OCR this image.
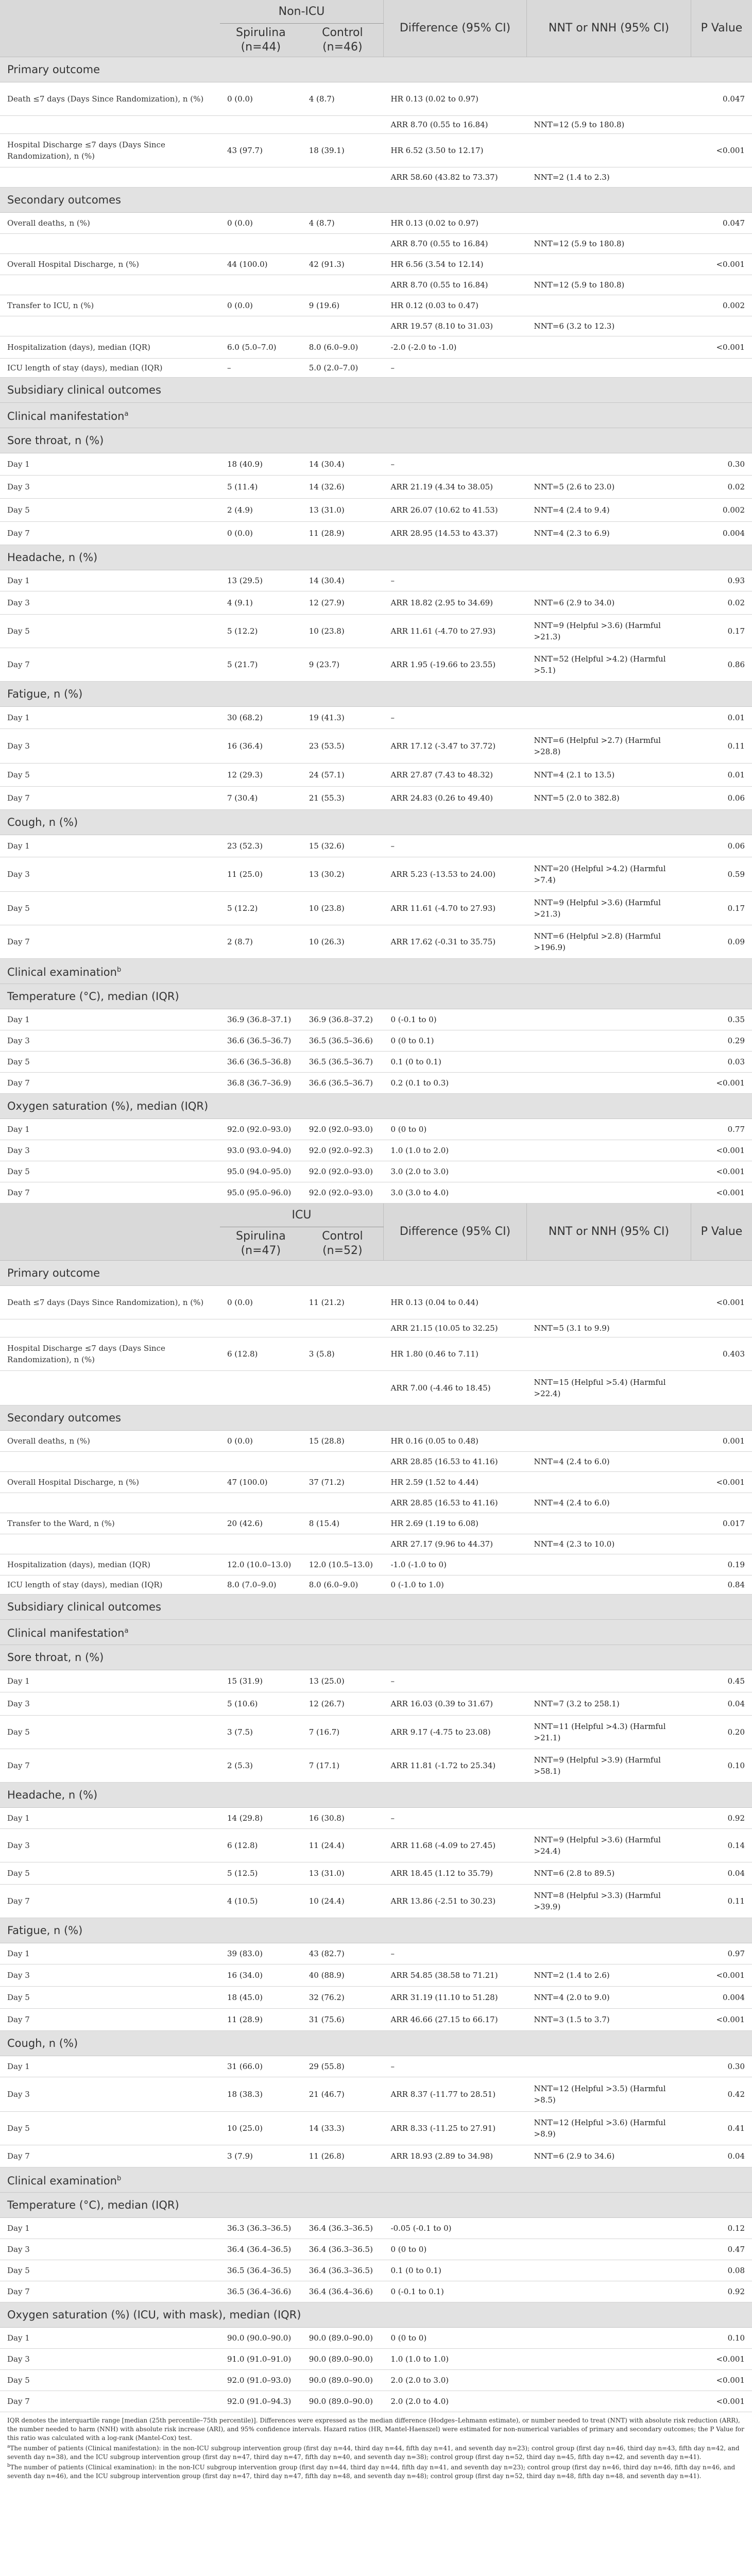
	Non-ICU		Difference (95% CI)	NNT or NNH (95% CI)	P Value
	Spirulina (n=44)	Control (n=46)			
Primary outcome					
Death ≤7 days (Days Since Randomization), n (%)	0 (0.0)	4 (8.7)	HR 0.13 (0.02 to 0.97)		0.047
			ARR 8.70 (0.55 to 16.84)	NNT=12 (5.9 to 180.8)	
Hospital Discharge ≤7 days (Days Since Randomization), n (%)	43 (97.7)	18 (39.1)	HR 6.52 (3.50 to 12.17)		<0.001
			ARR 58.60 (43.82 to 73.37)	NNT=2 (1.4 to 2.3)	
Secondary outcomes					
Overall deaths, n (%)	0 (0.0)	4 (8.7)	HR 0.13 (0.02 to 0.97)		0.047
			ARR 8.70 (0.55 to 16.84)	NNT=12 (5.9 to 180.8)	
Overall Hospital Discharge, n (%)	44 (100.0)	42 (91.3)	HR 6.56 (3.54 to 12.14)		<0.001
			ARR 8.70 (0.55 to 16.84)	NNT=12 (5.9 to 180.8)	
Transfer to ICU, n (%)	0 (0.0)	9 (19.6)	HR 0.12 (0.03 to 0.47)		0.002
			ARR 19.57 (8.10 to 31.03)	NNT=6 (3.2 to 12.3)	
Hospitalization (days), median (IQR)	6.0 (5.0–7.0)	8.0 (6.0–9.0)	-2.0 (-2.0 to -1.0)		<0.001
ICU length of stay (days), median (IQR)	–	5.0 (2.0–7.0)	–		
Subsidiary clinical outcomes					
Clinical manifestation$^a$
Sore throat, n (%)					
Day 1	18 (40.9)	14 (30.4)	–		0.30
Day 3	5 (11.4)	14 (32.6)	ARR 21.19 (4.34 to 38.05)	NNT=5 (2.6 to 23.0)	0.02
Day 5	2 (4.9)	13 (31.0)	ARR 26.07 (10.62 to 41.53)	NNT=4 (2.4 to 9.4)	0.002
Day 7	0 (0.0)	11 (28.9)	ARR 28.95 (14.53 to 43.37)	NNT=4 (2.3 to 6.9)	0.004
Headache, n (%)					
Day 1	13 (29.5)	14 (30.4)	–		0.93
Day 3	4 (9.1)	12 (27.9)	ARR 18.82 (2.95 to 34.69)	NNT=6 (2.9 to 34.0)	0.02
Day 5	5 (12.2)	10 (23.8)	ARR 11.61 (-4.70 to 27.93)	NNT=9 (Helpful >3.6) (Harmful >21.3)	0.17
Day 7	5 (21.7)	9 (23.7)	ARR 1.95 (-19.66 to 23.55)	NNT=52 (Helpful >4.2) (Harmful >5.1)	0.86
Fatigue, n (%)					
Day 1	30 (68.2)	19 (41.3)	–		0.01
Day 3	16 (36.4)	23 (53.5)	ARR 17.12 (-3.47 to 37.72)	NNT=6 (Helpful >2.7) (Harmful >28.8)	0.11
Day 5	12 (29.3)	24 (57.1)	ARR 27.87 (7.43 to 48.32)	NNT=4 (2.1 to 13.5)	0.01
Day 7	7 (30.4)	21 (55.3)	ARR 24.83 (0.26 to 49.40)	NNT=5 (2.0 to 382.8)	0.06
Cough, n (%)					
Day 1	23 (52.3)	15 (32.6)	–		0.06
Day 3	11 (25.0)	13 (30.2)	ARR 5.23 (-13.53 to 24.00)	NNT=20 (Helpful >4.2) (Harmful >7.4)	0.59
Day 5	5 (12.2)	10 (23.8)	ARR 11.61 (-4.70 to 27.93)	NNT=9 (Helpful >3.6) (Harmful >21.3)	0.17
Day 7	2 (8.7)	10 (26.3)	ARR 17.62 (-0.31 to 35.75)	NNT=6 (Helpful >2.8) (Harmful >196.9)	0.09
Clinical examination$^b$
Temperature (°C), median (IQR)					
Day 1	36.9 (36.8–37.1)	36.9 (36.8–37.2)	0 (-0.1 to 0)		0.35
Day 3	36.6 (36.5–36.7)	36.5 (36.5–36.6)	0 (0 to 0.1)		0.29
Day 5	36.6 (36.5–36.8)	36.5 (36.5–36.7)	0.1 (0 to 0.1)		0.03
Day 7	36.8 (36.7–36.9)	36.6 (36.5–36.7)	0.2 (0.1 to 0.3)		<0.001
Oxygen saturation (%), median (IQR)					
Day 1	92.0 (92.0–93.0)	92.0 (92.0–93.0)	0 (0 to 0)		0.77
Day 3	93.0 (93.0–94.0)	92.0 (92.0–92.3)	1.0 (1.0 to 2.0)		<0.001
Day 5	95.0 (94.0–95.0)	92.0 (92.0–93.0)	3.0 (2.0 to 3.0)		<0.001
Day 7	95.0 (95.0–96.0)	92.0 (92.0–93.0)	3.0 (3.0 to 4.0)		<0.001
	ICU		Difference (95% CI)	NNT or NNH (95% CI)	P Value
	Spirulina (n=47)	Control (n=52)			
Primary outcome					
Death ≤7 days (Days Since Randomization), n (%)	0 (0.0)	11 (21.2)	HR 0.13 (0.04 to 0.44)		<0.001
			ARR 21.15 (10.05 to 32.25)	NNT=5 (3.1 to 9.9)	
Hospital Discharge ≤7 days (Days Since Randomization), n (%)	6 (12.8)	3 (5.8)	HR 1.80 (0.46 to 7.11)		0.403
			ARR 7.00 (-4.46 to 18.45)	NNT=15 (Helpful >5.4) (Harmful >22.4)	
Secondary outcomes					
Overall deaths, n (%)	0 (0.0)	15 (28.8)	HR 0.16 (0.05 to 0.48)		0.001
			ARR 28.85 (16.53 to 41.16)	NNT=4 (2.4 to 6.0)	
Overall Hospital Discharge, n (%)	47 (100.0)	37 (71.2)	HR 2.59 (1.52 to 4.44)		<0.001
			ARR 28.85 (16.53 to 41.16)	NNT=4 (2.4 to 6.0)	
Transfer to the Ward, n (%)	20 (42.6)	8 (15.4)	HR 2.69 (1.19 to 6.08)		0.017
			ARR 27.17 (9.96 to 44.37)	NNT=4 (2.3 to 10.0)	
Hospitalization (days), median (IQR)	12.0 (10.0–13.0)	12.0 (10.5–13.0)	-1.0 (-1.0 to 0)		0.19
ICU length of stay (days), median (IQR)	8.0 (7.0–9.0)	8.0 (6.0–9.0)	0 (-1.0 to 1.0)		0.84
Subsidiary clinical outcomes					
Clinical manifestation$^a$
Sore throat, n (%)					
Day 1	15 (31.9)	13 (25.0)	–		0.45
Day 3	5 (10.6)	12 (26.7)	ARR 16.03 (0.39 to 31.67)	NNT=7 (3.2 to 258.1)	0.04
Day 5	3 (7.5)	7 (16.7)	ARR 9.17 (-4.75 to 23.08)	NNT=11 (Helpful >4.3) (Harmful >21.1)	0.20
Day 7	2 (5.3)	7 (17.1)	ARR 11.81 (-1.72 to 25.34)	NNT=9 (Helpful >3.9) (Harmful >58.1)	0.10
Headache, n (%)					
Day 1	14 (29.8)	16 (30.8)	–		0.92
Day 3	6 (12.8)	11 (24.4)	ARR 11.68 (-4.09 to 27.45)	NNT=9 (Helpful >3.6) (Harmful >24.4)	0.14
Day 5	5 (12.5)	13 (31.0)	ARR 18.45 (1.12 to 35.79)	NNT=6 (2.8 to 89.5)	0.04
Day 7	4 (10.5)	10 (24.4)	ARR 13.86 (-2.51 to 30.23)	NNT=8 (Helpful >3.3) (Harmful >39.9)	0.11
Fatigue, n (%)					
Day 1	39 (83.0)	43 (82.7)	–		0.97
Day 3	16 (34.0)	40 (88.9)	ARR 54.85 (38.58 to 71.21)	NNT=2 (1.4 to 2.6)	<0.001
Day 5	18 (45.0)	32 (76.2)	ARR 31.19 (11.10 to 51.28)	NNT=4 (2.0 to 9.0)	0.004
Day 7	11 (28.9)	31 (75.6)	ARR 46.66 (27.15 to 66.17)	NNT=3 (1.5 to 3.7)	<0.001
Cough, n (%)					
Day 1	31 (66.0)	29 (55.8)	–		0.30
Day 3	18 (38.3)	21 (46.7)	ARR 8.37 (-11.77 to 28.51)	NNT=12 (Helpful >3.5) (Harmful >8.5)	0.42
Day 5	10 (25.0)	14 (33.3)	ARR 8.33 (-11.25 to 27.91)	NNT=12 (Helpful >3.6) (Harmful >8.9)	0.41
Day 7	3 (7.9)	11 (26.8)	ARR 18.93 (2.89 to 34.98)	NNT=6 (2.9 to 34.6)	0.04
Clinical examination$^b$
Temperature (°C), median (IQR)					
Day 1	36.3 (36.3–36.5)	36.4 (36.3–36.5)	-0.05 (-0.1 to 0)		0.12
Day 3	36.4 (36.4–36.5)	36.4 (36.3–36.5)	0 (0 to 0)		0.47
Day 5	36.5 (36.4–36.5)	36.4 (36.3–36.5)	0.1 (0 to 0.1)		0.08
Day 7	36.5 (36.4–36.6)	36.4 (36.4–36.6)	0 (-0.1 to 0.1)		0.92
Oxygen saturation (%) (ICU, with mask), median (IQR)					
Day 1	90.0 (90.0–90.0)	90.0 (89.0–90.0)	0 (0 to 0)		0.10
Day 3	91.0 (91.0–91.0)	90.0 (89.0–90.0)	1.0 (1.0 to 1.0)		<0.001
Day 5	92.0 (91.0–93.0)	90.0 (89.0–90.0)	2.0 (2.0 to 3.0)		<0.001
Day 7	92.0 (91.0–94.3)	90.0 (89.0–90.0)	2.0 (2.0 to 4.0)		<0.001

IQR denotes the interquartile range [median (25th percentile–75th percentile)]. Differences were expressed as the median difference (Hodges–Lehmann estimate), or number needed to treat (NNT) with absolute risk reduction (ARR), the number needed to harm (NNH) with absolute risk increase (ARI), and 95% confidence intervals. Hazard ratios (HR, Mantel-Haenszel) were estimated for non-numerical variables of primary and secondary outcomes; the P Value for this ratio was calculated with a log-rank (Mantel-Cox) test.

$^a$The number of patients (Clinical manifestation): in the non-ICU subgroup intervention group (first day n=44, third day n=44, fifth day n=41, and seventh day n=23); control group (first day n=46, third day n=43, fifth day n=42, and seventh day n=38), and the ICU subgroup intervention group (first day n=47, third day n=47, fifth day n=40, and seventh day n=38); control group (first day n=52, third day n=45, fifth day n=42, and seventh day n=41).

$^b$The number of patients (Clinical examination): in the non-ICU subgroup intervention group (first day n=44, third day n=44, fifth day n=41, and seventh day n=23); control group (first day n=46, third day n=46, fifth day n=46, and seventh day n=46), and the ICU subgroup intervention group (first day n=47, third day n=47, fifth day n=48, and seventh day n=48); control group (first day n=52, third day n=48, fifth day n=48, and seventh day n=41).
